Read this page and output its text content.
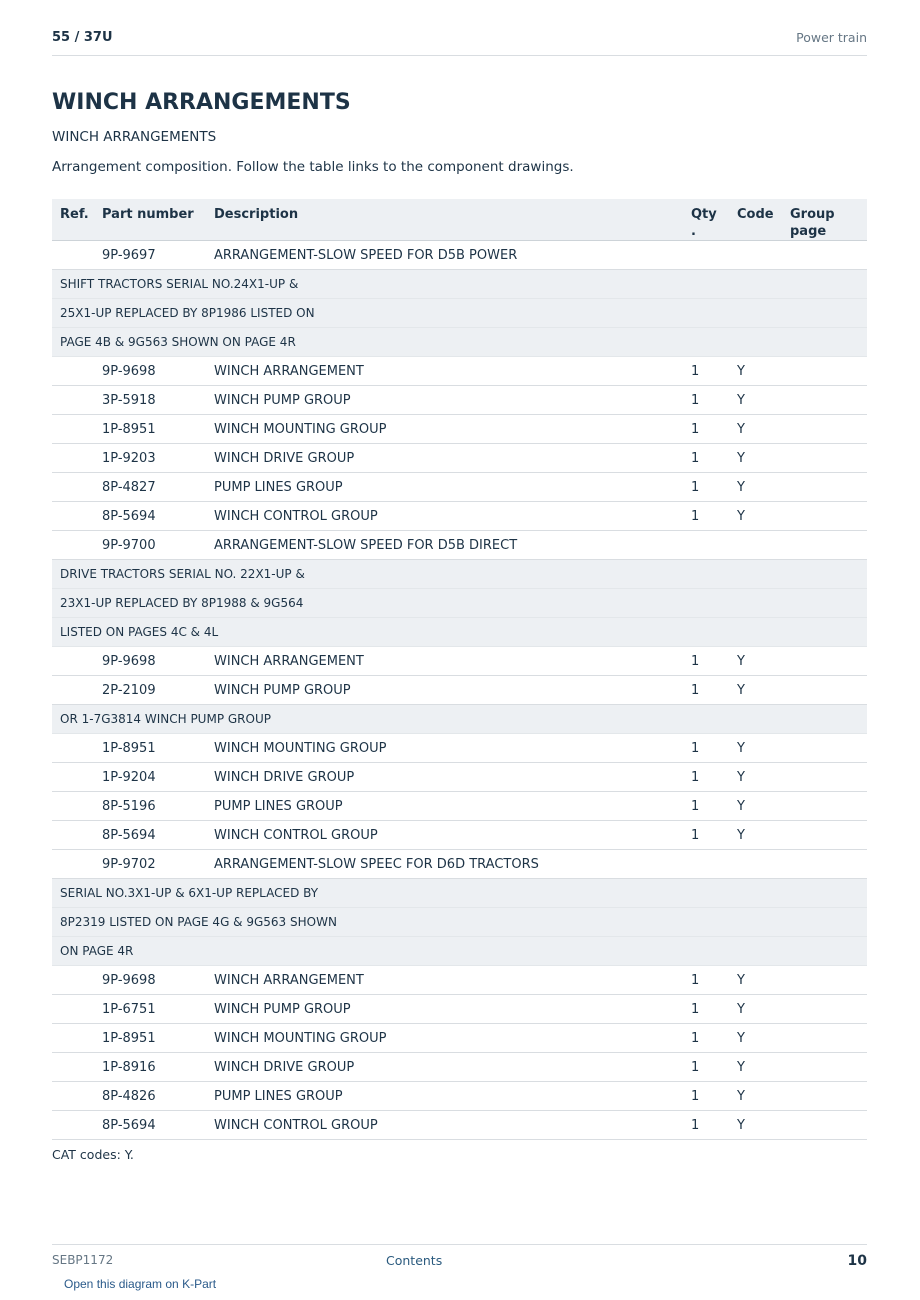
55 / 37U	Power train
WINCH ARRANGEMENTS
WINCH ARRANGEMENTS
Arrangement composition. Follow the table links to the component drawings.
Ref.	Part number	Description	Qty .	Code	Group page
	9P-9697	ARRANGEMENT-SLOW SPEED FOR D5B POWER			
SHIFT TRACTORS SERIAL NO.24X1-UP &					
25X1-UP REPLACED BY 8P1986 LISTED ON					
PAGE 4B & 9G563 SHOWN ON PAGE 4R					
	9P-9698	WINCH ARRANGEMENT	1	Y	
	3P-5918	WINCH PUMP GROUP	1	Y	
	1P-8951	WINCH MOUNTING GROUP	1	Y	
	1P-9203	WINCH DRIVE GROUP	1	Y	
	8P-4827	PUMP LINES GROUP	1	Y	
	8P-5694	WINCH CONTROL GROUP	1	Y	
	9P-9700	ARRANGEMENT-SLOW SPEED FOR D5B DIRECT			
DRIVE TRACTORS SERIAL NO. 22X1-UP &					
23X1-UP REPLACED BY 8P1988 & 9G564					
LISTED ON PAGES 4C & 4L					
	9P-9698	WINCH ARRANGEMENT	1	Y	
	2P-2109	WINCH PUMP GROUP	1	Y	
OR 1-7G3814 WINCH PUMP GROUP					
	1P-8951	WINCH MOUNTING GROUP	1	Y	
	1P-9204	WINCH DRIVE GROUP	1	Y	
	8P-5196	PUMP LINES GROUP	1	Y	
	8P-5694	WINCH CONTROL GROUP	1	Y	
	9P-9702	ARRANGEMENT-SLOW SPEEC FOR D6D TRACTORS			
SERIAL NO.3X1-UP & 6X1-UP REPLACED BY					
8P2319 LISTED ON PAGE 4G & 9G563 SHOWN					
ON PAGE 4R					
	9P-9698	WINCH ARRANGEMENT	1	Y	
	1P-6751	WINCH PUMP GROUP	1	Y	
	1P-8951	WINCH MOUNTING GROUP	1	Y	
	1P-8916	WINCH DRIVE GROUP	1	Y	
	8P-4826	PUMP LINES GROUP	1	Y	
	8P-5694	WINCH CONTROL GROUP	1	Y	
CAT codes: Y.
SEBP1172	Contents	10
Open this diagram on K-Part
